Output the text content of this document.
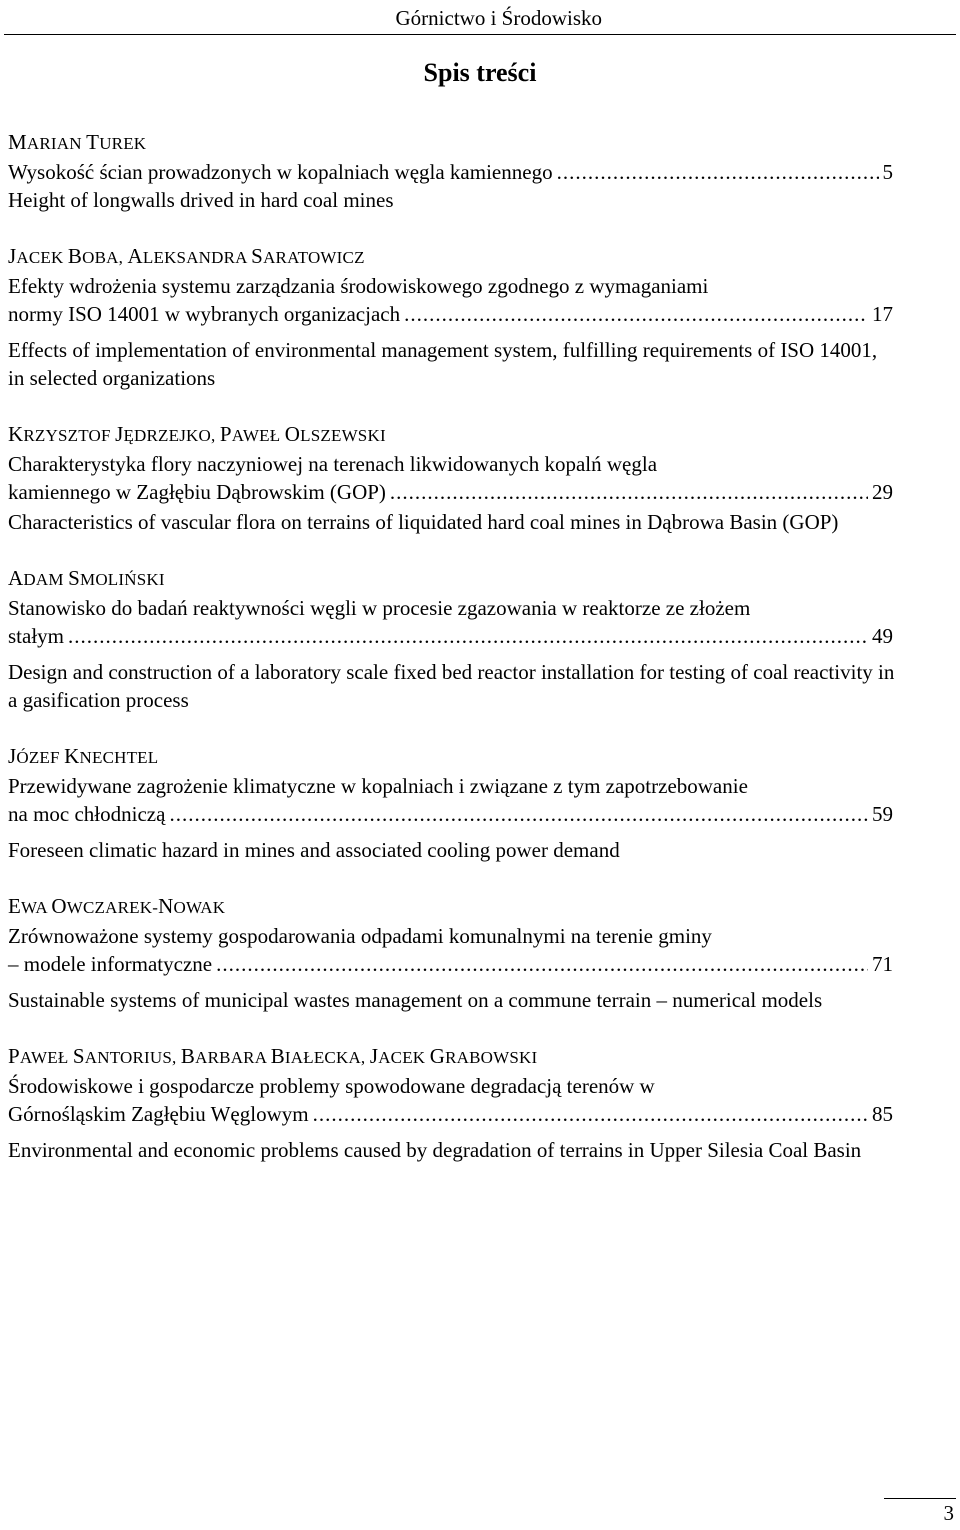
Górnictwo i Środowisko
Spis treści
MARIAN TUREK
Wysokość ścian prowadzonych w kopalniach węgla kamiennego .....	5
Height of longwalls drived in hard coal mines
JACEK BOBA, ALEKSANDRA SARATOWICZ
Efekty wdrożenia systemu zarządzania środowiskowego zgodnego z wymaganiami
normy ISO 14001 w wybranych organizacjach .....	17
Effects of implementation of environmental management system, fulfilling requirements of ISO 14001, in selected organizations
KRZYSZTOF JĘDRZEJKO, PAWEŁ OLSZEWSKI
Charakterystyka flory naczyniowej na terenach likwidowanych kopalń węgla
kamiennego w Zagłębiu Dąbrowskim (GOP) .....	29
Characteristics of vascular flora on terrains of liquidated hard coal mines in Dąbrowa Basin (GOP)
ADAM SMOLIŃSKI
Stanowisko do badań reaktywności węgli w procesie zgazowania w reaktorze ze złożem
stałym .....	49
Design and construction of a laboratory scale fixed bed reactor installation for testing of coal reactivity in a gasification process
JÓZEF KNECHTEL
Przewidywane zagrożenie klimatyczne w kopalniach i związane z tym zapotrzebowanie
na moc chłodniczą .....	59
Foreseen climatic hazard in mines and associated cooling power demand
EWA OWCZAREK-NOWAK
Zrównoważone systemy gospodarowania odpadami komunalnymi na terenie gminy
– modele informatyczne .....	71
Sustainable systems of municipal wastes management on a commune terrain – numerical models
PAWEŁ SANTORIUS, BARBARA BIAŁECKA, JACEK GRABOWSKI
Środowiskowe i gospodarcze problemy spowodowane degradacją terenów w
Górnośląskim Zagłębiu Węglowym .....	85
Environmental and economic problems caused by degradation of terrains in Upper Silesia Coal Basin
3
